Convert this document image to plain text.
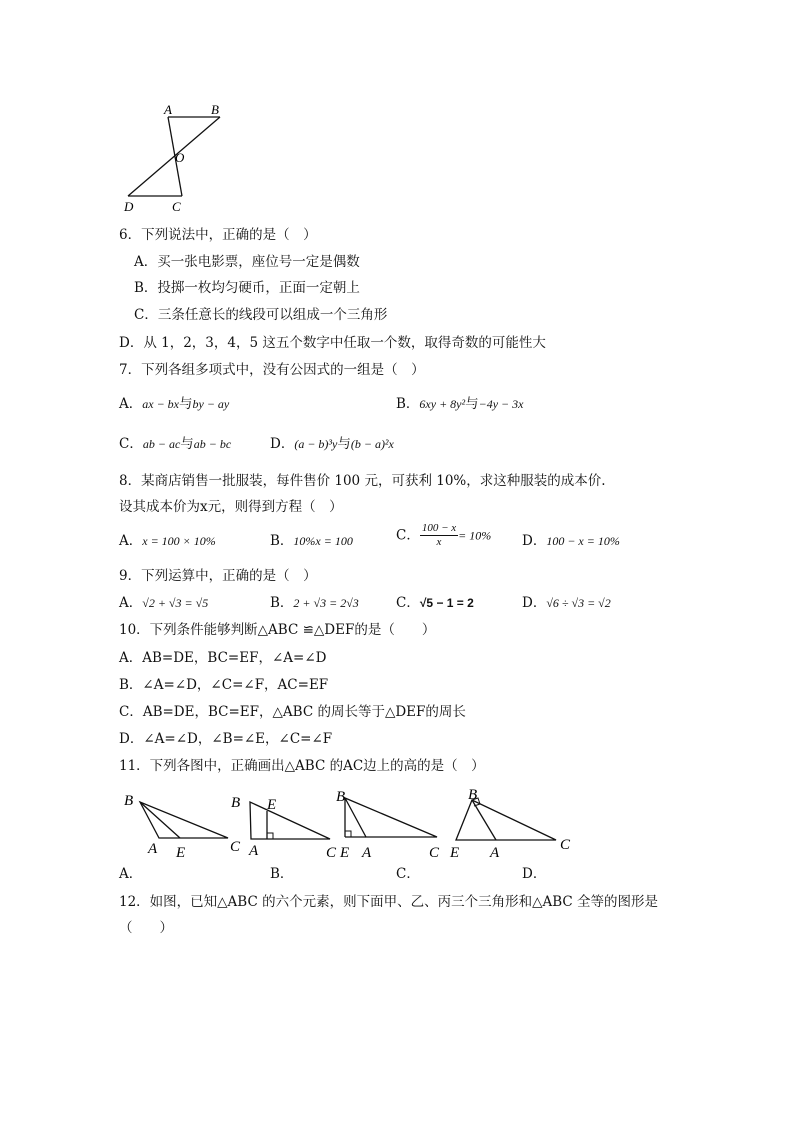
A	B
O
D	C
6．下列说法中，正确的是（　）
A．买一张电影票，座位号一定是偶数
B．投掷一枚均匀硬币，正面一定朝上
C．三条任意长的线段可以组成一个三角形
D．从 1，2，3，4，5 这五个数字中任取一个数，取得奇数的可能性大
7．下列各组多项式中，没有公因式的一组是（　）
A．ax − bx与by − ay	B．6xy + 8y²与−4y − 3x
C．ab − ac与ab − bc	D．(a − b)³y与(b − a)²x
8．某商店销售一批服装，每件售价 100 元，可获利 10%，求这种服装的成本价.
设其成本价为x元，则得到方程（　）
A．x = 100 × 10%	B．10%x = 100	C． $\frac{100 - x}{x} = 10\%$ D．100 − x = 10%
9．下列运算中，正确的是（　）
A．√2 + √3 = √5	B．2 + √3 = 2√3	C．√5 − 1 = 2	D．√6 ÷ √3 = √2
10．下列条件能够判断△ABC ≌△DEF的是（　　）
A．AB=DE，BC=EF，∠A=∠D
B．∠A=∠D，∠C=∠F，AC=EF
C．AB=DE，BC=EF，△ABC 的周长等于△DEF的周长
D．∠A=∠D，∠B=∠E，∠C=∠F
11．下列各图中，正确画出△ABC 的AC边上的高的是（　）
B
A E	C
B E
A	C
B
E A	C
B
E A	C
A．	B．	C．	D．
12．如图，已知△ABC 的六个元素，则下面甲、乙、丙三个三角形和△ABC 全等的图形是
（　　）
